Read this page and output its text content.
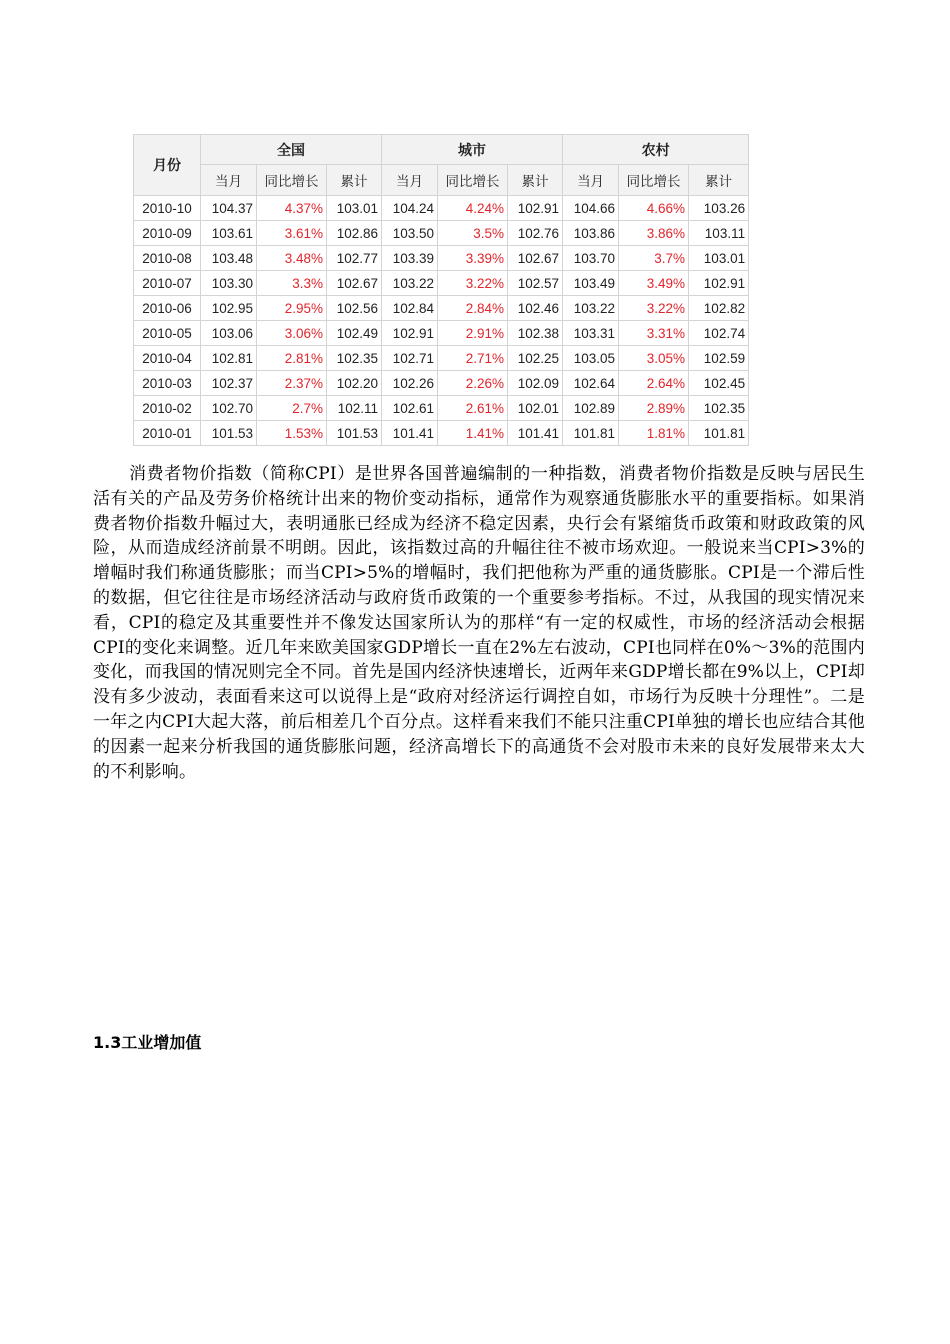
月份	全国			城市			农村		
	当月	同比增长	累计	当月	同比增长	累计	当月	同比增长	累计
2010-10	104.37	4.37%	103.01	104.24	4.24%	102.91	104.66	4.66%	103.26
2010-09	103.61	3.61%	102.86	103.50	3.5%	102.76	103.86	3.86%	103.11
2010-08	103.48	3.48%	102.77	103.39	3.39%	102.67	103.70	3.7%	103.01
2010-07	103.30	3.3%	102.67	103.22	3.22%	102.57	103.49	3.49%	102.91
2010-06	102.95	2.95%	102.56	102.84	2.84%	102.46	103.22	3.22%	102.82
2010-05	103.06	3.06%	102.49	102.91	2.91%	102.38	103.31	3.31%	102.74
2010-04	102.81	2.81%	102.35	102.71	2.71%	102.25	103.05	3.05%	102.59
2010-03	102.37	2.37%	102.20	102.26	2.26%	102.09	102.64	2.64%	102.45
2010-02	102.70	2.7%	102.11	102.61	2.61%	102.01	102.89	2.89%	102.35
2010-01	101.53	1.53%	101.53	101.41	1.41%	101.41	101.81	1.81%	101.81

消费者物价指数（简称CPI）是世界各国普遍编制的一种指数，消费者物价指数是反映与居民生活有关的产品及劳务价格统计出来的物价变动指标，通常作为观察通货膨胀水平的重要指标。如果消费者物价指数升幅过大，表明通胀已经成为经济不稳定因素，央行会有紧缩货币政策和财政政策的风险，从而造成经济前景不明朗。因此，该指数过高的升幅往往不被市场欢迎。一般说来当CPI>3%的增幅时我们称通货膨胀；而当CPI>5%的增幅时，我们把他称为严重的通货膨胀。CPI是一个滞后性的数据，但它往往是市场经济活动与政府货币政策的一个重要参考指标。不过，从我国的现实情况来看，CPI的稳定及其重要性并不像发达国家所认为的那样“有一定的权威性，市场的经济活动会根据CPI的变化来调整。近几年来欧美国家GDP增长一直在2%左右波动，CPI也同样在0%～3%的范围内变化，而我国的情况则完全不同。首先是国内经济快速增长，近两年来GDP增长都在9%以上，CPI却没有多少波动，表面看来这可以说得上是“政府对经济运行调控自如，市场行为反映十分理性”。二是一年之内CPI大起大落，前后相差几个百分点。这样看来我们不能只注重CPI单独的增长也应结合其他的因素一起来分析我国的通货膨胀问题，经济高增长下的高通货不会对股市未来的良好发展带来太大的不利影响。

1.3工业增加值
